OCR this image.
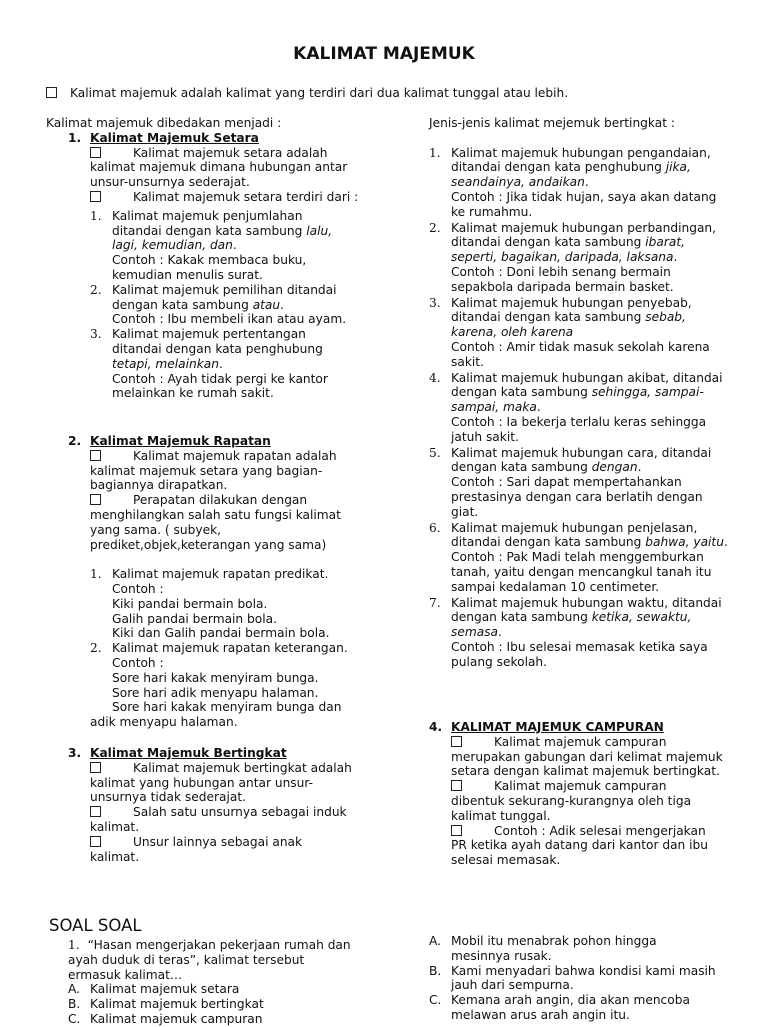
KALIMAT MAJEMUK
Kalimat majemuk adalah kalimat yang terdiri dari dua kalimat tunggal atau lebih.
Kalimat majemuk dibedakan menjadi :
1. Kalimat Majemuk Setara
Kalimat majemuk setara adalah kalimat majemuk dimana hubungan antar unsur-unsurnya sederajat.
Kalimat majemuk setara terdiri dari :
1. Kalimat majemuk penjumlahan ditandai dengan kata sambung lalu, lagi, kemudian, dan.
Contoh : Kakak membaca buku, kemudian menulis surat.
2. Kalimat majemuk pemilihan ditandai dengan kata sambung atau.
Contoh : Ibu membeli ikan atau ayam.
3. Kalimat majemuk pertentangan ditandai dengan kata penghubung tetapi, melainkan.
Contoh : Ayah tidak pergi ke kantor melainkan ke rumah sakit.
2. Kalimat Majemuk Rapatan
Kalimat majemuk rapatan adalah kalimat majemuk setara yang bagian-bagiannya dirapatkan.
Perapatan dilakukan dengan menghilangkan salah satu fungsi kalimat yang sama. ( subyek, prediket,objek,keterangan yang sama)
1. Kalimat majemuk rapatan predikat.
Contoh :
Kiki pandai bermain bola.
Galih pandai bermain bola.
Kiki dan Galih pandai bermain bola.
2. Kalimat majemuk rapatan keterangan.
Contoh :
Sore hari kakak menyiram bunga.
Sore hari adik menyapu halaman.
Sore hari kakak menyiram bunga dan
adik menyapu halaman.
3. Kalimat Majemuk Bertingkat
Kalimat majemuk bertingkat adalah kalimat yang hubungan antar unsur-unsurnya tidak sederajat.
Salah satu unsurnya sebagai induk kalimat.
Unsur lainnya sebagai anak kalimat.
Jenis-jenis kalimat mejemuk bertingkat :
1. Kalimat majemuk hubungan pengandaian, ditandai dengan kata penghubung jika, seandainya, andaikan.
Contoh : Jika tidak hujan, saya akan datang ke rumahmu.
2. Kalimat majemuk hubungan perbandingan, ditandai dengan kata sambung ibarat, seperti, bagaikan, daripada, laksana.
Contoh : Doni lebih senang bermain sepakbola daripada bermain basket.
3. Kalimat majemuk hubungan penyebab, ditandai dengan kata sambung sebab, karena, oleh karena
Contoh : Amir tidak masuk sekolah karena sakit.
4. Kalimat majemuk hubungan akibat, ditandai dengan kata sambung sehingga, sampai-sampai, maka.
Contoh : Ia bekerja terlalu keras sehingga jatuh sakit.
5. Kalimat majemuk hubungan cara, ditandai dengan kata sambung dengan.
Contoh : Sari dapat mempertahankan prestasinya dengan cara berlatih dengan giat.
6. Kalimat majemuk hubungan penjelasan, ditandai dengan kata sambung bahwa, yaitu.
Contoh : Pak Madi telah menggemburkan tanah, yaitu dengan mencangkul tanah itu sampai kedalaman 10 centimeter.
7. Kalimat majemuk hubungan waktu, ditandai dengan kata sambung ketika, sewaktu, semasa.
Contoh : Ibu selesai memasak ketika saya pulang sekolah.
4. KALIMAT MAJEMUK CAMPURAN
Kalimat majemuk campuran merupakan gabungan dari kelimat majemuk setara dengan kalimat majemuk bertingkat.
Kalimat majemuk campuran dibentuk sekurang-kurangnya oleh tiga kalimat tunggal.
Contoh : Adik selesai mengerjakan PR ketika ayah datang dari kantor dan ibu selesai memasak.
SOAL SOAL
1. “Hasan mengerjakan pekerjaan rumah dan ayah duduk di teras”, kalimat tersebut ermasuk kalimat…
A. Kalimat majemuk setara
B. Kalimat majemuk bertingkat
C. Kalimat majemuk campuran
A. Mobil itu menabrak pohon hingga mesinnya rusak.
B. Kami menyadari bahwa kondisi kami masih jauh dari sempurna.
C. Kemana arah angin, dia akan mencoba melawan arus arah angin itu.
